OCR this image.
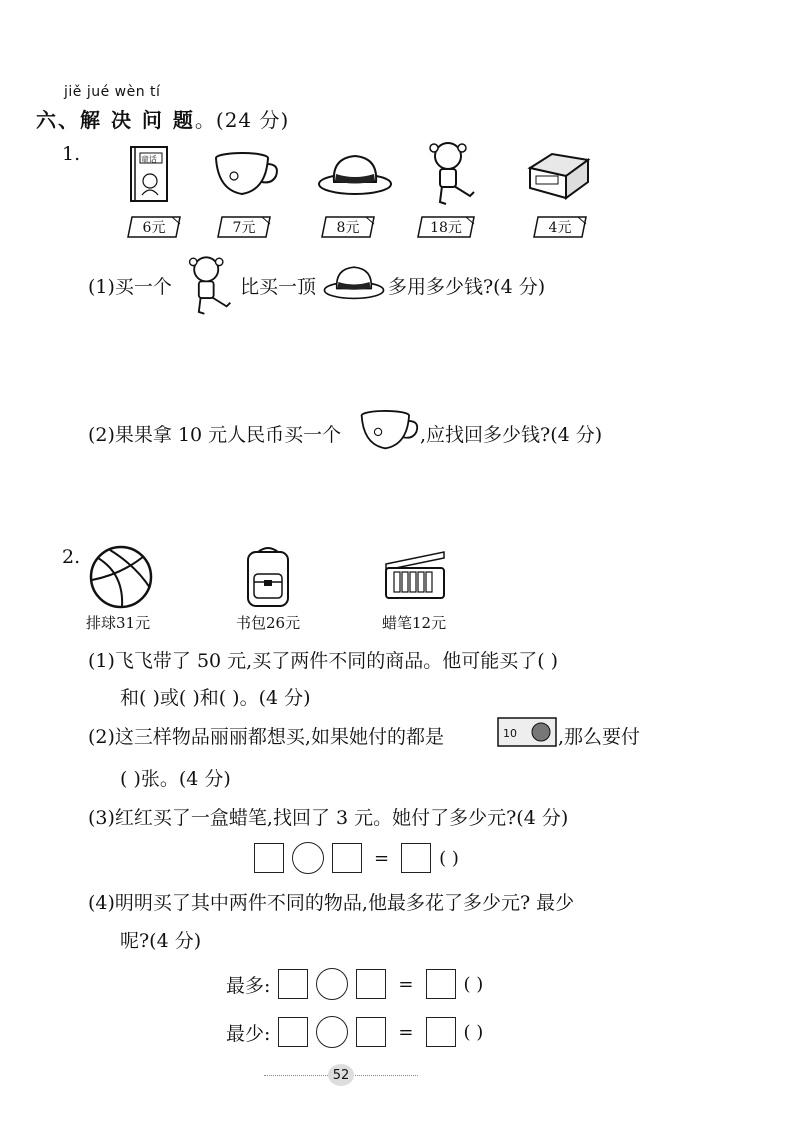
jiě jué wèn tí
六、解 决 问 题。(24 分)
1.	童话
6元	7元	8元	18元	4元
(1)买一个	比买一顶	多用多少钱?(4 分)
(2)果果拿 10 元人民币买一个	,应找回多少钱?(4 分)
2.
排球31元	书包26元	蜡笔12元
(1)飞飞带了 50 元,买了两件不同的商品。他可能买了( )
和( )或( )和( )。(4 分)
(2)这三样物品丽丽都想买,如果她付的都是	10 ,那么要付
( )张。(4 分)
(3)红红买了一盒蜡笔,找回了 3 元。她付了多少元?(4 分)
=	( )
(4)明明买了其中两件不同的物品,他最多花了多少元? 最少
呢?(4 分)
最多:	=	( )
最少:	=	( )
52
